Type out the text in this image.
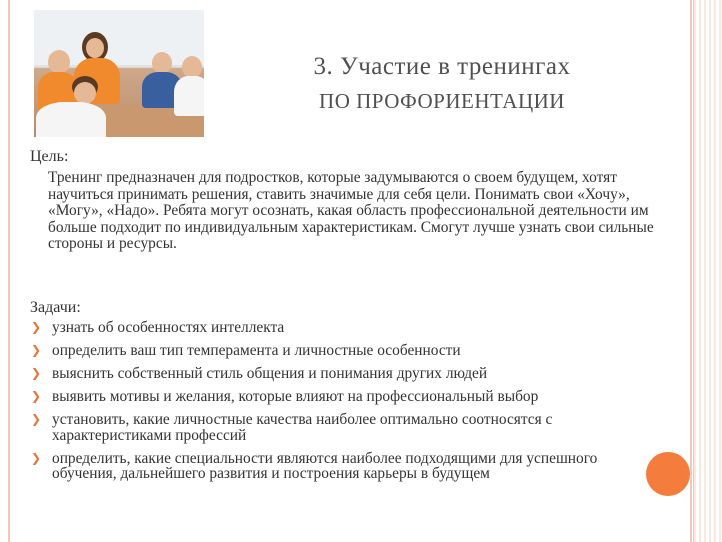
3. Участие в тренингах
ПО ПРОФОРИЕНТАЦИИ
Цель:
Тренинг предназначен для подростков, которые задумываются о своем будущем, хотят научиться принимать решения, ставить значимые для себя цели. Понимать свои «Хочу», «Могу», «Надо». Ребята могут осознать, какая область профессиональной деятельности им больше подходит по индивидуальным характеристикам. Смогут лучше узнать свои сильные стороны и ресурсы.
Задачи:
❯ узнать об особенностях интеллекта
❯ определить ваш тип темперамента и личностные особенности
❯ выяснить собственный стиль общения и понимания других людей
❯ выявить мотивы и желания, которые влияют на профессиональный выбор
❯ установить, какие личностные качества наиболее оптимально соотносятся с характеристиками профессий
❯ определить, какие специальности являются наиболее подходящими для успешного обучения, дальнейшего развития и построения карьеры в будущем
